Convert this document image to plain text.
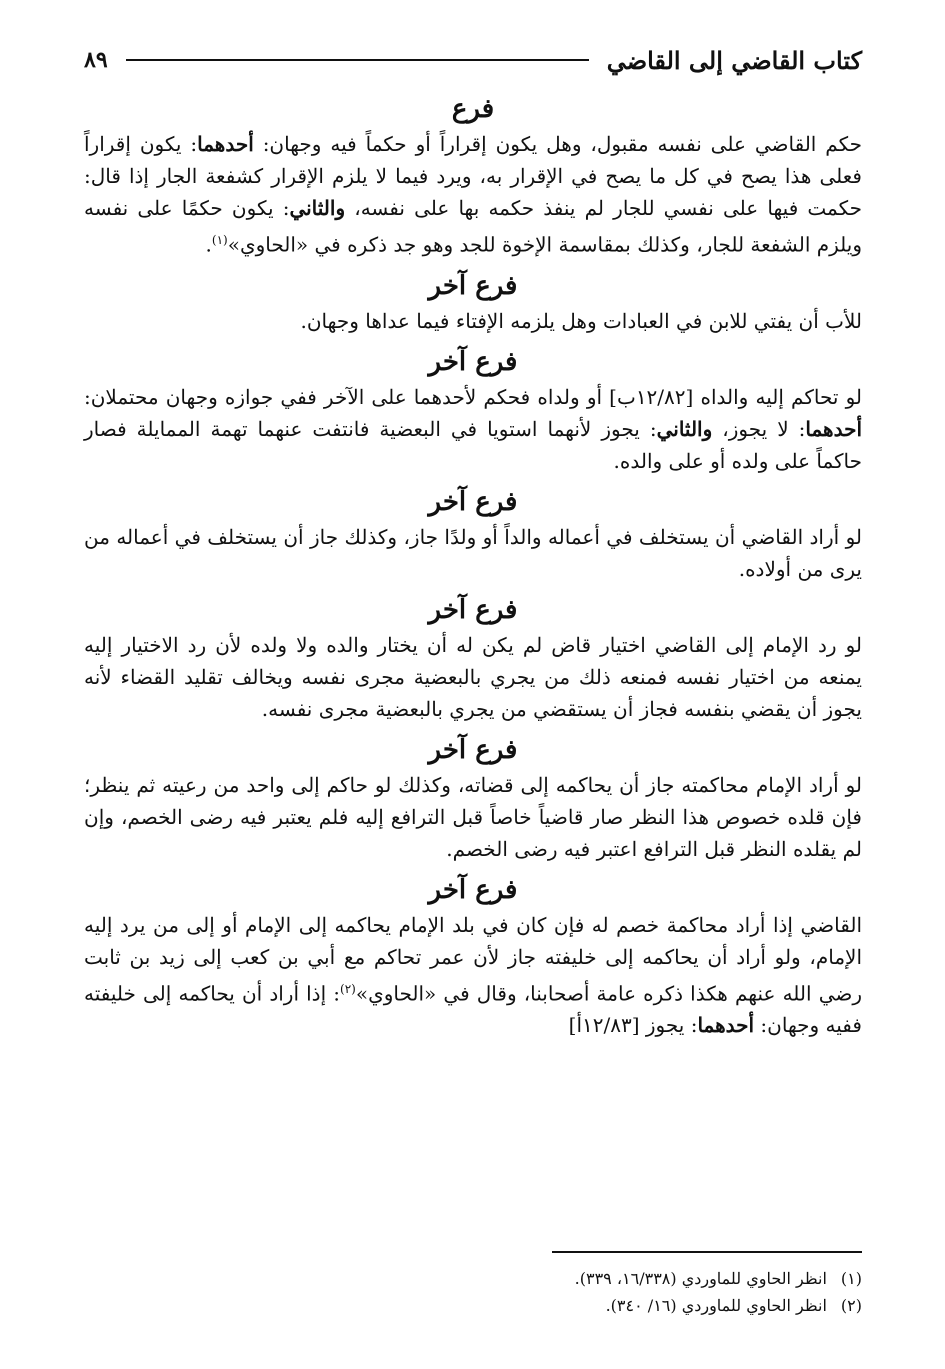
كتاب القاضي إلى القاضي
٨٩
فرع

حكم القاضي على نفسه مقبول، وهل يكون إقراراً أو حكماً فيه وجهان: أحدهما: يكون إقراراً فعلى هذا يصح في كل ما يصح في الإقرار به، ويرد فيما لا يلزم الإقرار كشفعة الجار إذا قال: حكمت فيها على نفسي للجار لم ينفذ حكمه بها على نفسه، والثاني: يكون حكمًا على نفسه ويلزم الشفعة للجار، وكذلك بمقاسمة الإخوة للجد وهو جد ذكره في «الحاوي»$^{(١)}$.

فرع آخر

للأب أن يفتي للابن في العبادات وهل يلزمه الإفتاء فيما عداها وجهان.

فرع آخر

لو تحاكم إليه والداه [١٢/٨٢ب] أو ولداه فحكم لأحدهما على الآخر ففي جوازه وجهان محتملان: أحدهما: لا يجوز، والثاني: يجوز لأنهما استويا في البعضية فانتفت عنهما تهمة الممايلة فصار حاكماً على ولده أو على والده.

فرع آخر

لو أراد القاضي أن يستخلف في أعماله والداً أو ولدًا جاز، وكذلك جاز أن يستخلف في أعماله من يرى من أولاده.

فرع آخر

لو رد الإمام إلى القاضي اختيار قاض لم يكن له أن يختار والده ولا ولده لأن رد الاختيار إليه يمنعه من اختيار نفسه فمنعه ذلك من يجري بالبعضية مجرى نفسه ويخالف تقليد القضاء لأنه يجوز أن يقضي بنفسه فجاز أن يستقضي من يجري بالبعضية مجرى نفسه.

فرع آخر

لو أراد الإمام محاكمته جاز أن يحاكمه إلى قضاته، وكذلك لو حاكم إلى واحد من رعيته ثم ينظر؛ فإن قلده خصوص هذا النظر صار قاضياً خاصاً قبل الترافع إليه فلم يعتبر فيه رضى الخصم، وإن لم يقلده النظر قبل الترافع اعتبر فيه رضى الخصم.

فرع آخر

القاضي إذا أراد محاكمة خصم له فإن كان في بلد الإمام يحاكمه إلى الإمام أو إلى من يرد إليه الإمام، ولو أراد أن يحاكمه إلى خليفته جاز لأن عمر تحاكم مع أبي بن كعب إلى زيد بن ثابت رضي الله عنهم هكذا ذكره عامة أصحابنا، وقال في «الحاوي»$^{(٢)}$: إذا أراد أن يحاكمه إلى خليفته ففيه وجهان: أحدهما: يجوز [١٢/٨٣أ]

(١)
انظر الحاوي للماوردي (١٦/٣٣٨، ٣٣٩).
(٢)
انظر الحاوي للماوردي (١٦/ ٣٤٠).
